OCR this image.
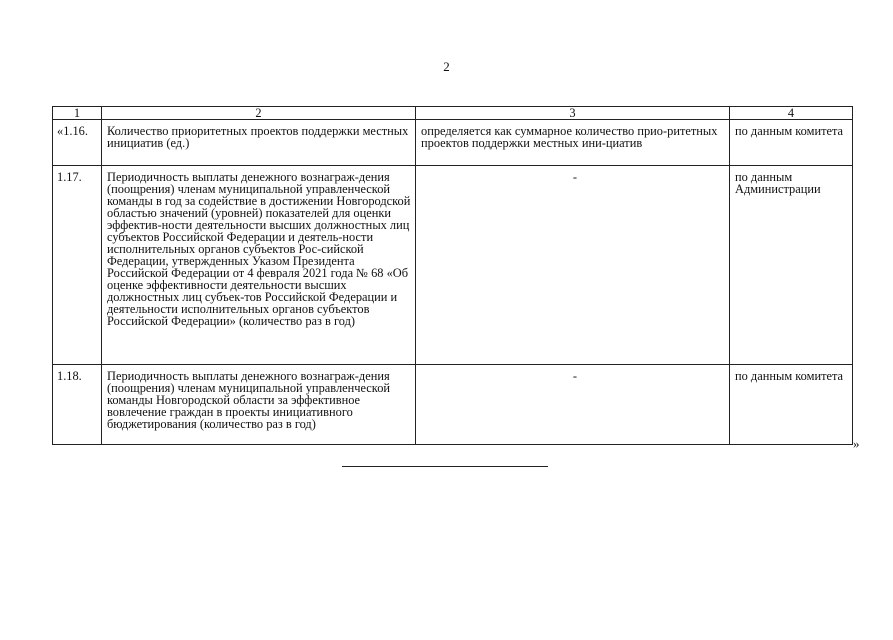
2
1	2	3	4
«1.16.	Количество приоритетных проектов поддержки местных инициатив (ед.)	определяется как суммарное количество прио-ритетных проектов поддержки местных ини-циатив	по данным комитета
1.17.	Периодичность выплаты денежного вознаграж-дения (поощрения) членам муниципальной управленческой команды в год за содействие в достижении Новгородской областью значений (уровней) показателей для оценки эффектив-ности деятельности высших должностных лиц субъектов Российской Федерации и деятель-ности исполнительных органов субъектов Рос-сийской Федерации, утвержденных Указом Президента Российской Федерации от 4 февраля 2021 года № 68 «Об оценке эффективности деятельности высших должностных лиц субъек-тов Российской Федерации и деятельности исполнительных органов субъектов Российской Федерации» (количество раз в год)	-	по данным Администрации
1.18.	Периодичность выплаты денежного вознаграж-дения (поощрения) членам муниципальной управленческой команды Новгородской области за эффективное вовлечение граждан в проекты инициативного бюджетирования (количество раз в год)	-	по данным комитета
»
